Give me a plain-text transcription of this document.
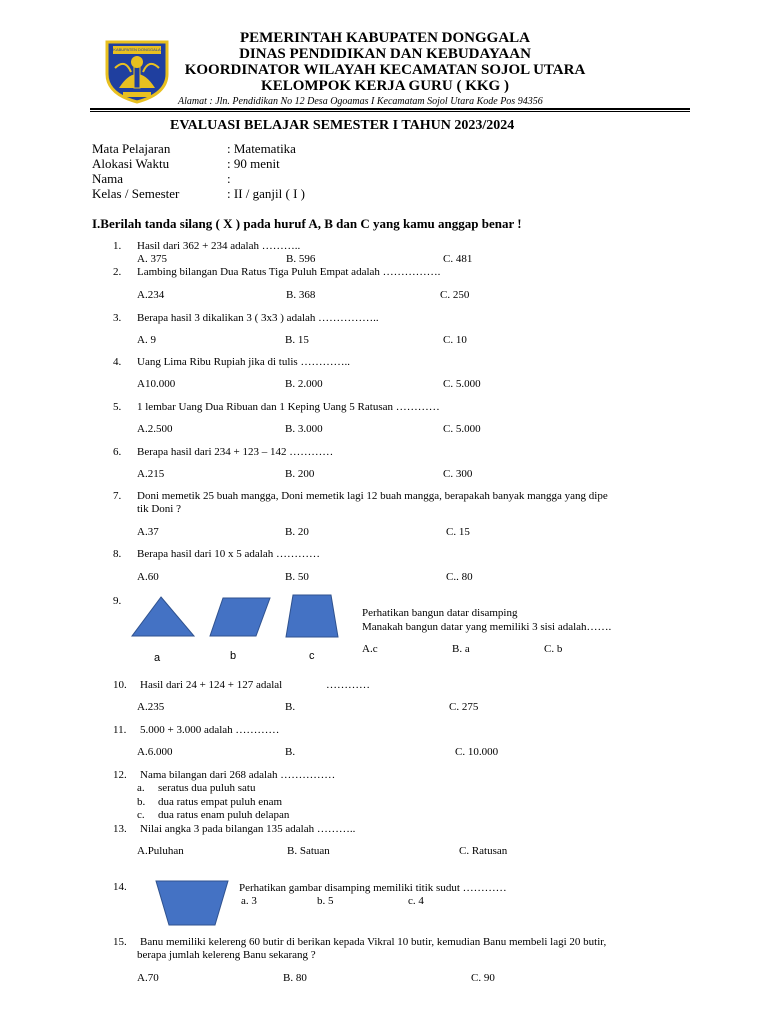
KABUPATEN DONGGALA
PEMERINTAH KABUPATEN DONGGALA
DINAS PENDIDIKAN DAN KEBUDAYAAN
KOORDINATOR WILAYAH KECAMATAN SOJOL UTARA
KELOMPOK KERJA GURU ( KKG )
Alamat : Jln. Pendidikan No 12 Desa Ogoamas I Kecamatam Sojol Utara Kode Pos 94356
EVALUASI BELAJAR SEMESTER I TAHUN 2023/2024
Mata Pelajaran	: Matematika
Alokasi Waktu	: 90 menit
Nama	:
Kelas / Semester	: II / ganjil ( I )
I.Berilah tanda silang ( X ) pada huruf A, B dan C yang kamu anggap benar !
1. Hasil dari 362 + 234 adalah ………..
A. 375	B. 596	C. 481
2. Lambing bilangan Dua Ratus Tiga Puluh Empat adalah …………….
A.234	B. 368	C. 250
3. Berapa hasil 3 dikalikan 3 ( 3x3 ) adalah ……………..
A. 9	B. 15	C. 10
4. Uang Lima Ribu Rupiah jika di tulis …………..
A10.000	B. 2.000	C. 5.000
5. 1 lembar Uang Dua Ribuan dan 1 Keping Uang 5 Ratusan …………
A.2.500	B. 3.000	C. 5.000
6. Berapa hasil dari 234 + 123 – 142 …………
A.215	B. 200	C. 300
7. Doni memetik 25 buah mangga, Doni memetik lagi 12 buah mangga, berapakah banyak mangga yang dipe
tik Doni ?
A.37	B. 20	C. 15
8. Berapa hasil dari 10 x 5 adalah …………
A.60	B. 50	C.. 80
9.
a	b	c
Perhatikan bangun datar disamping
Manakah bangun datar yang memiliki 3 sisi adalah…….
A.c	B. a	C. b
10. Hasil dari 24 + 124 + 127 adalal	…………
A.235	B.	C. 275
11. 5.000 + 3.000 adalah …………
A.6.000	B.	C. 10.000
12. Nama bilangan dari 268 adalah ……………
a. seratus dua puluh satu
b. dua ratus empat puluh enam
c. dua ratus enam puluh delapan
13. Nilai angka 3 pada bilangan 135 adalah ………..
A.Puluhan	B. Satuan	C. Ratusan
14.	Perhatikan gambar disamping memiliki titik sudut …………
a. 3	b. 5	c. 4
15. Banu memiliki kelereng 60 butir di berikan kepada Vikral 10 butir, kemudian Banu membeli lagi 20 butir,
berapa jumlah kelereng Banu sekarang ?
A.70	B. 80	C. 90
